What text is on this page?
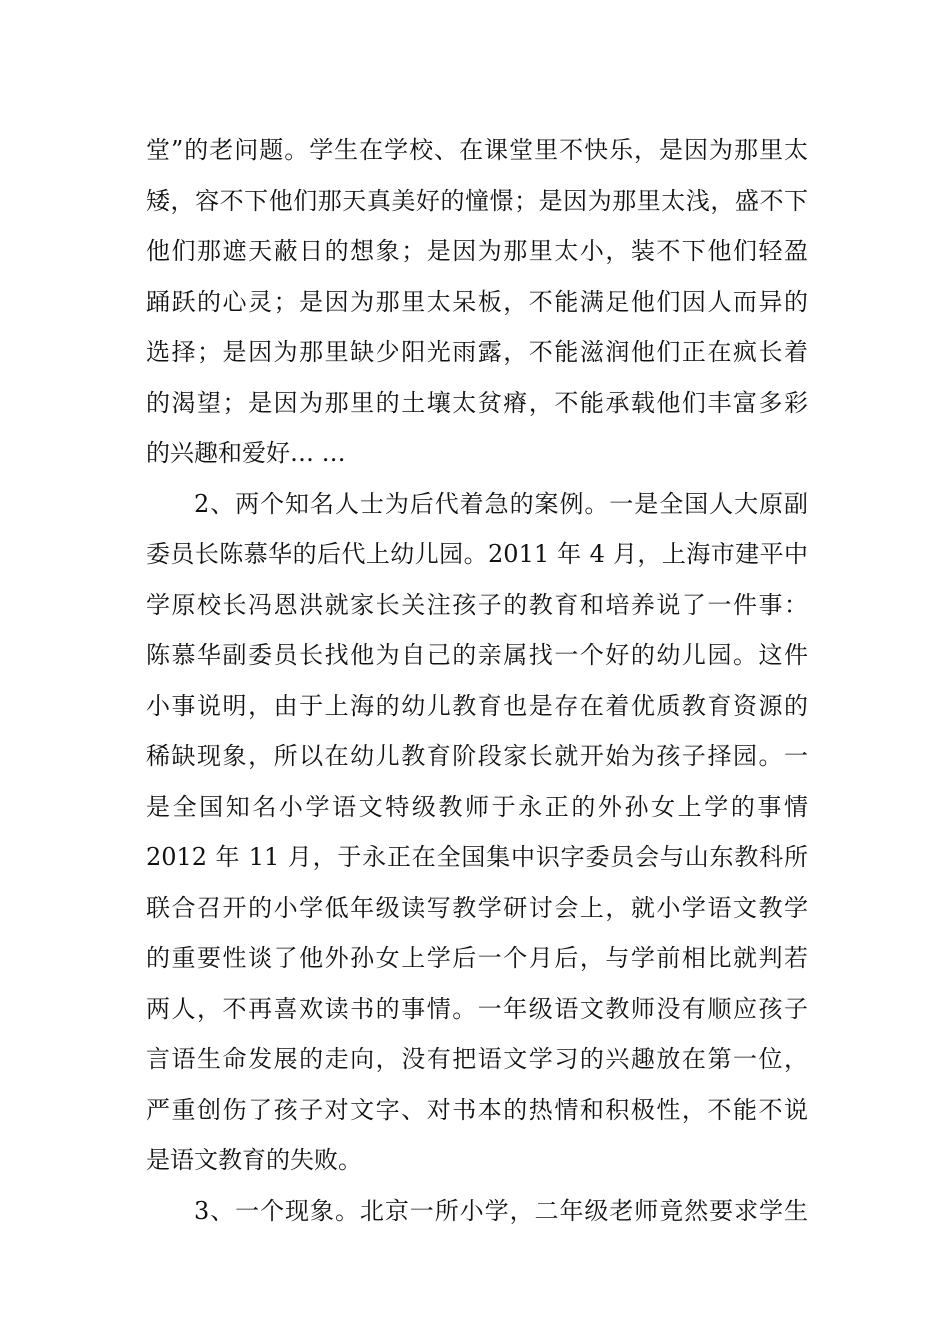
堂”的老问题。学生在学校、在课堂里不快乐，是因为那里太
矮，容不下他们那天真美好的憧憬；是因为那里太浅，盛不下
他们那遮天蔽日的想象；是因为那里太小，装不下他们轻盈
踊跃的心灵；是因为那里太呆板，不能满足他们因人而异的
选择；是因为那里缺少阳光雨露，不能滋润他们正在疯长着
的渴望；是因为那里的土壤太贫瘠，不能承载他们丰富多彩
的兴趣和爱好… …
2、两个知名人士为后代着急的案例。一是全国人大原副
委员长陈慕华的后代上幼儿园。2011 年 4 月，上海市建平中
学原校长冯恩洪就家长关注孩子的教育和培养说了一件事：
陈慕华副委员长找他为自己的亲属找一个好的幼儿园。这件
小事说明，由于上海的幼儿教育也是存在着优质教育资源的
稀缺现象，所以在幼儿教育阶段家长就开始为孩子择园。一
是全国知名小学语文特级教师于永正的外孙女上学的事情
2012 年 11 月，于永正在全国集中识字委员会与山东教科所
联合召开的小学低年级读写教学研讨会上，就小学语文教学
的重要性谈了他外孙女上学后一个月后，与学前相比就判若
两人，不再喜欢读书的事情。一年级语文教师没有顺应孩子
言语生命发展的走向，没有把语文学习的兴趣放在第一位，
严重创伤了孩子对文字、对书本的热情和积极性，不能不说
是语文教育的失败。
3、一个现象。北京一所小学，二年级老师竟然要求学生
